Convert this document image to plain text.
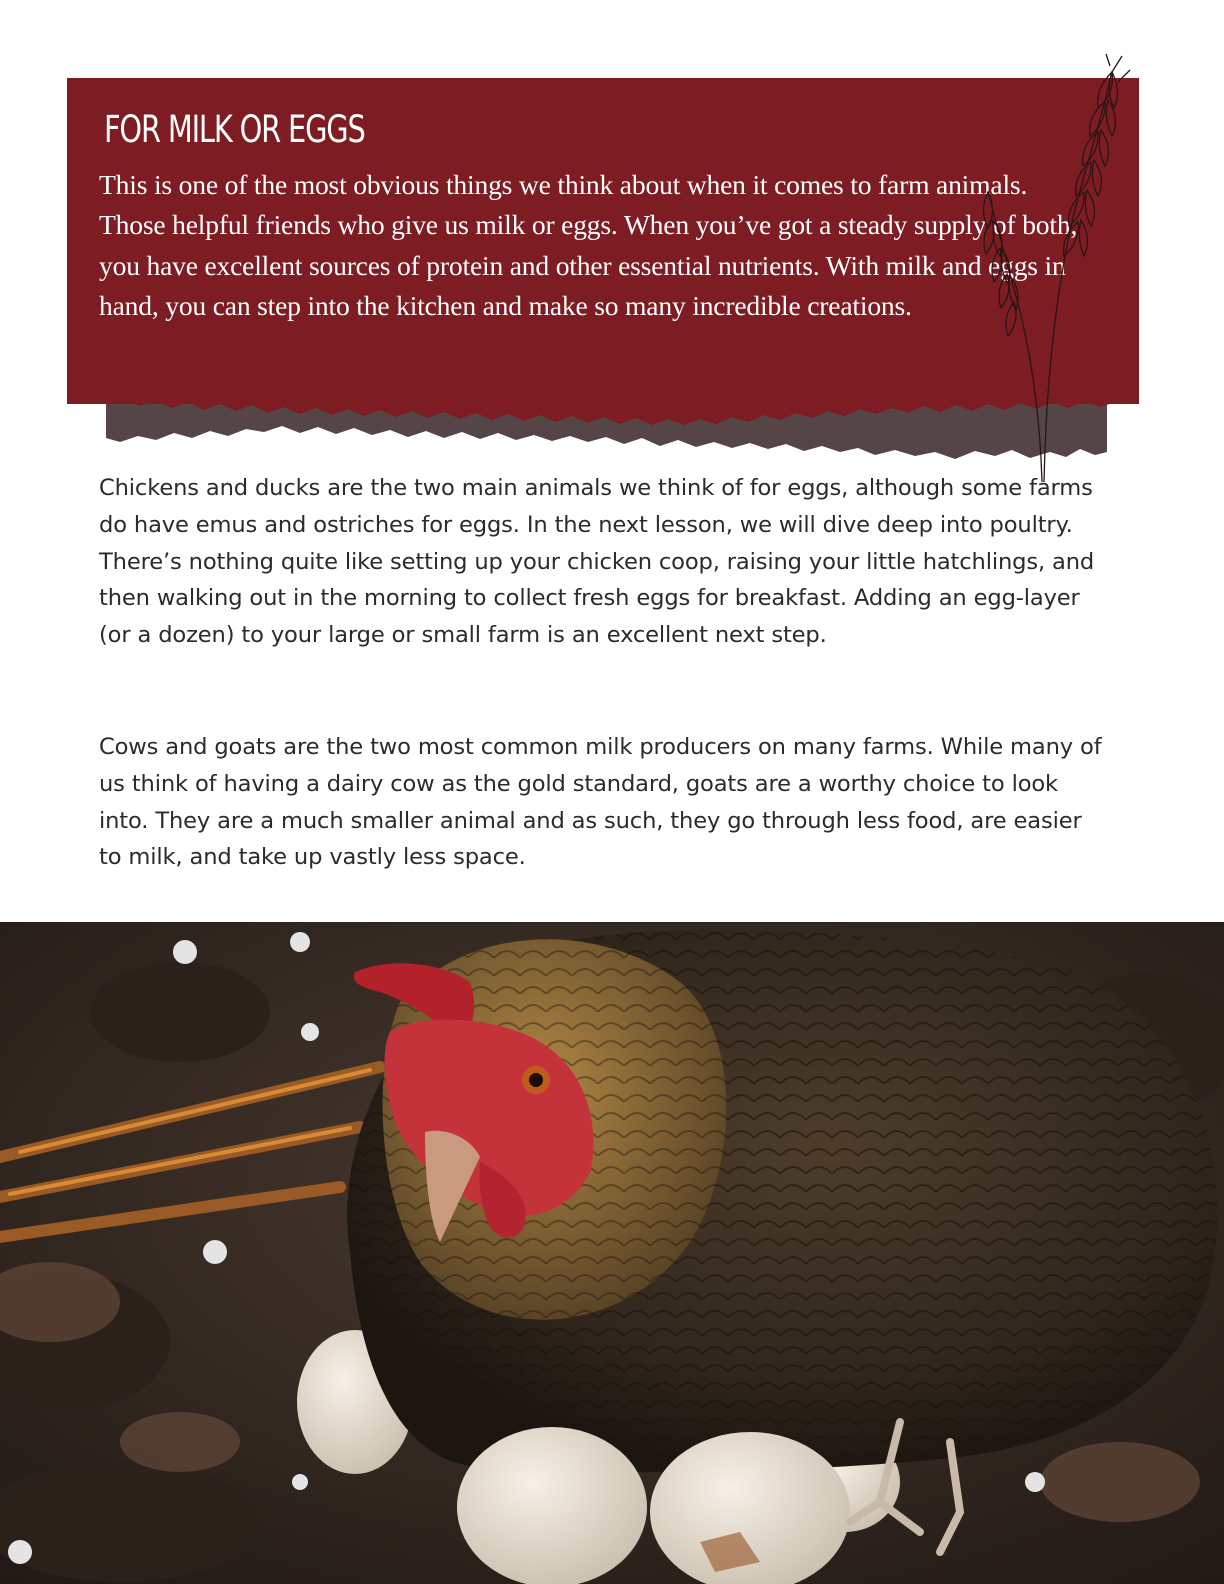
FOR MILK OR EGGS

This is one of the most obvious things we think about when it comes to farm animals. Those helpful friends who give us milk or eggs. When you’ve got a steady supply of both, you have excellent sources of protein and other essential nutrients. With milk and eggs in hand, you can step into the kitchen and make so many incredible creations.

Chickens and ducks are the two main animals we think of for eggs, although some farms do have emus and ostriches for eggs. In the next lesson, we will dive deep into poultry. There’s nothing quite like setting up your chicken coop, raising your little hatchlings, and then walking out in the morning to collect fresh eggs for breakfast. Adding an egg-layer (or a dozen) to your large or small farm is an excellent next step.

Cows and goats are the two most common milk producers on many farms. While many of us think of having a dairy cow as the gold standard, goats are a worthy choice to look into. They are a much smaller animal and as such, they go through less food, are easier to milk, and take up vastly less space.
